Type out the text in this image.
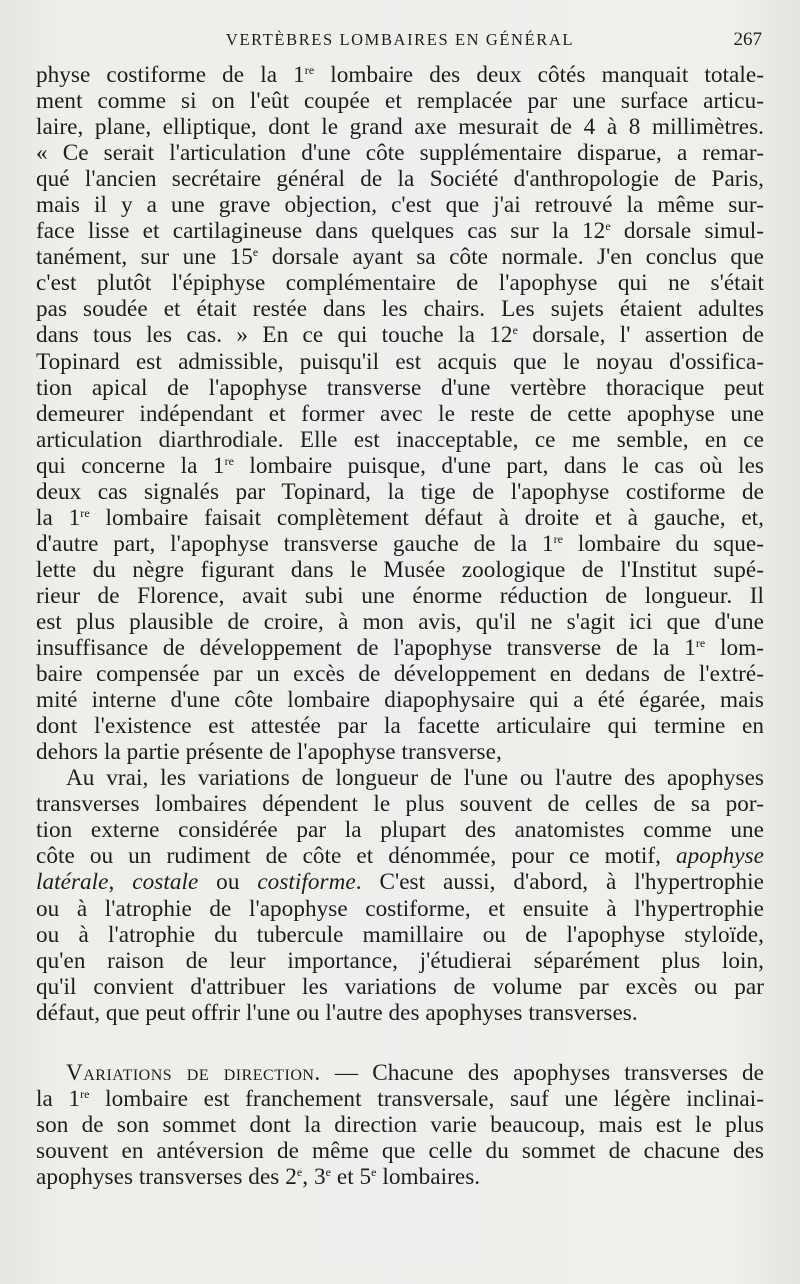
VERTÈBRES LOMBAIRES EN GÉNÉRAL	267
physe costiforme de la 1re lombaire des deux côtés manquait totale-
ment comme si on l'eût coupée et remplacée par une surface articu-
laire, plane, elliptique, dont le grand axe mesurait de 4 à 8 millimètres.
« Ce serait l'articulation d'une côte supplémentaire disparue, a remar-
qué l'ancien secrétaire général de la Société d'anthropologie de Paris,
mais il y a une grave objection, c'est que j'ai retrouvé la même sur-
face lisse et cartilagineuse dans quelques cas sur la 12e dorsale simul-
tanément, sur une 15e dorsale ayant sa côte normale. J'en conclus que
c'est plutôt l'épiphyse complémentaire de l'apophyse qui ne s'était
pas soudée et était restée dans les chairs. Les sujets étaient adultes
dans tous les cas. » En ce qui touche la 12e dorsale, l' assertion de
Topinard est admissible, puisqu'il est acquis que le noyau d'ossifica-
tion apical de l'apophyse transverse d'une vertèbre thoracique peut
demeurer indépendant et former avec le reste de cette apophyse une
articulation diarthrodiale. Elle est inacceptable, ce me semble, en ce
qui concerne la 1re lombaire puisque, d'une part, dans le cas où les
deux cas signalés par Topinard, la tige de l'apophyse costiforme de
la 1re lombaire faisait complètement défaut à droite et à gauche, et,
d'autre part, l'apophyse transverse gauche de la 1re lombaire du sque-
lette du nègre figurant dans le Musée zoologique de l'Institut supé-
rieur de Florence, avait subi une énorme réduction de longueur. Il
est plus plausible de croire, à mon avis, qu'il ne s'agit ici que d'une
insuffisance de développement de l'apophyse transverse de la 1re lom-
baire compensée par un excès de développement en dedans de l'extré-
mité interne d'une côte lombaire diapophysaire qui a été égarée, mais
dont l'existence est attestée par la facette articulaire qui termine en
dehors la partie présente de l'apophyse transverse,
Au vrai, les variations de longueur de l'une ou l'autre des apophyses
transverses lombaires dépendent le plus souvent de celles de sa por-
tion externe considérée par la plupart des anatomistes comme une
côte ou un rudiment de côte et dénommée, pour ce motif, apophyse
latérale, costale ou costiforme. C'est aussi, d'abord, à l'hypertrophie
ou à l'atrophie de l'apophyse costiforme, et ensuite à l'hypertrophie
ou à l'atrophie du tubercule mamillaire ou de l'apophyse styloïde,
qu'en raison de leur importance, j'étudierai séparément plus loin,
qu'il convient d'attribuer les variations de volume par excès ou par
défaut, que peut offrir l'une ou l'autre des apophyses transverses.
Variations de direction. — Chacune des apophyses transverses de
la 1re lombaire est franchement transversale, sauf une légère inclinai-
son de son sommet dont la direction varie beaucoup, mais est le plus
souvent en antéversion de même que celle du sommet de chacune des
apophyses transverses des 2e, 3e et 5e lombaires.
